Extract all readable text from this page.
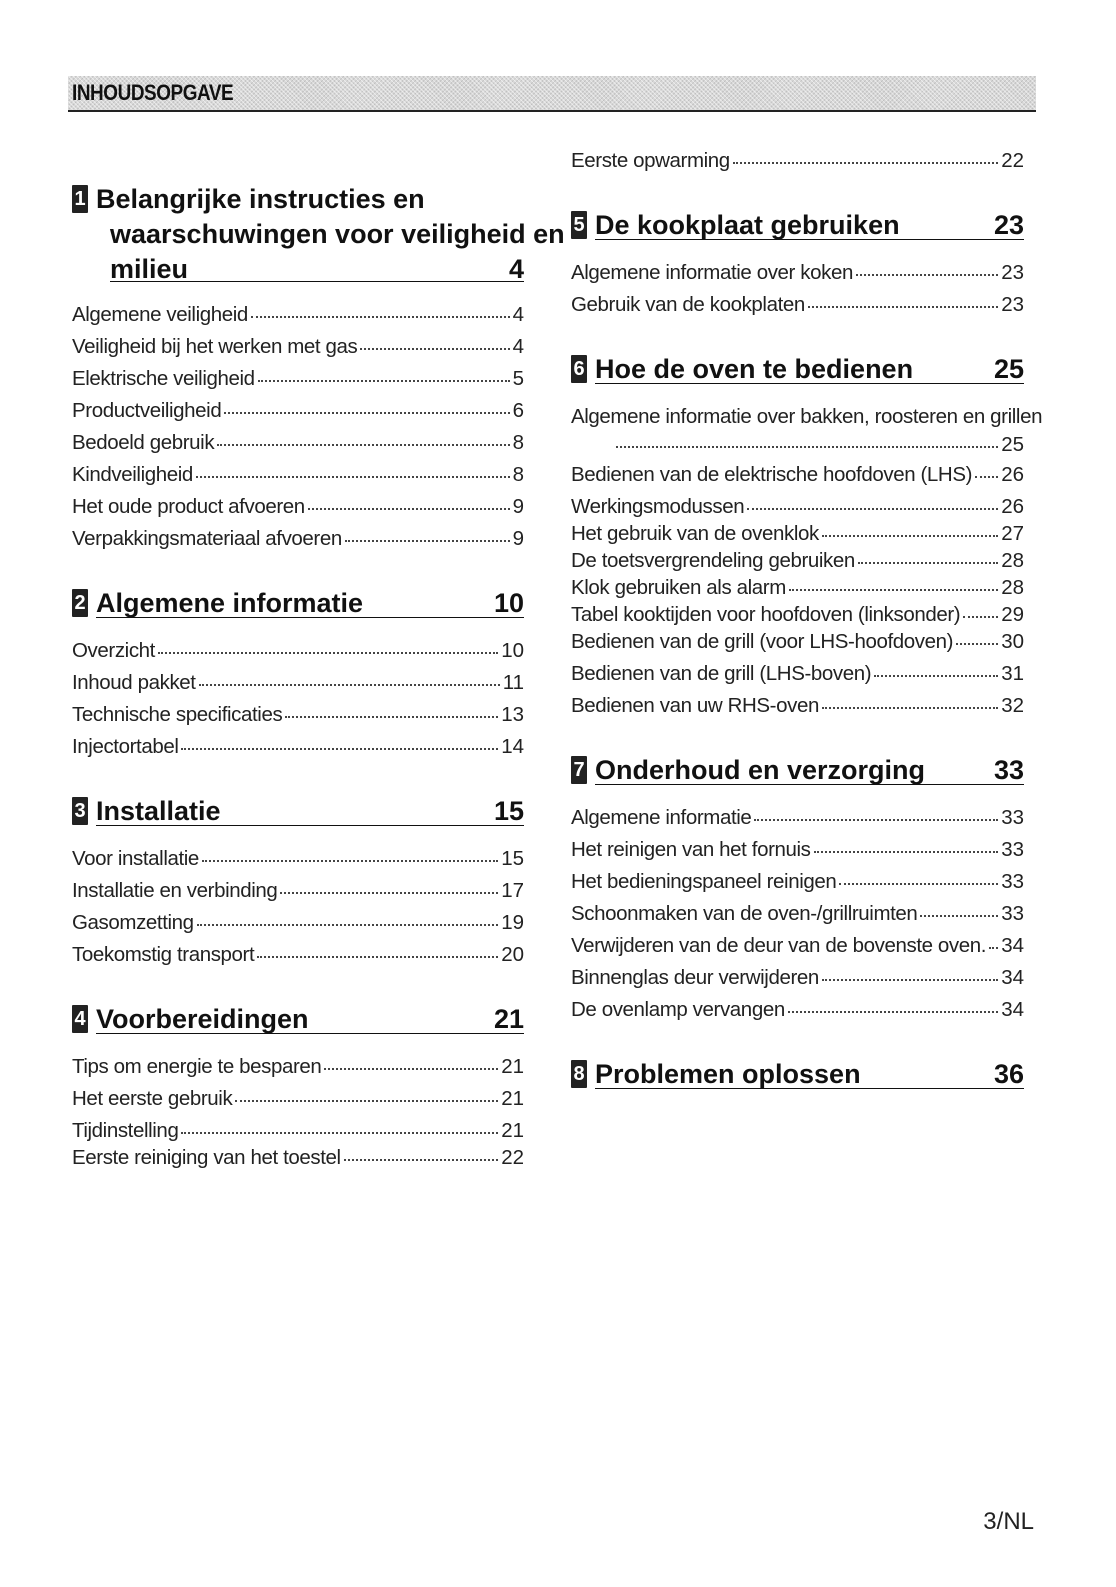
INHOUDSOPGAVE
1 Belangrijke instructies en
waarschuwingen voor veiligheid en
milieu	4
Algemene veiligheid	4
Veiligheid bij het werken met gas	4
Elektrische veiligheid	5
Productveiligheid	6
Bedoeld gebruik	8
Kindveiligheid	8
Het oude product afvoeren	9
Verpakkingsmateriaal afvoeren	9
2 Algemene informatie	10
Overzicht	10
Inhoud pakket	11
Technische specificaties	13
Injectortabel	14
3 Installatie	15
Voor installatie	15
Installatie en verbinding	17
Gasomzetting	19
Toekomstig transport	20
4 Voorbereidingen	21
Tips om energie te besparen	21
Het eerste gebruik	21
Tijdinstelling	21
Eerste reiniging van het toestel	22
Eerste opwarming	22
5 De kookplaat gebruiken	23
Algemene informatie over koken	23
Gebruik van de kookplaten	23
6 Hoe de oven te bedienen	25
Algemene informatie over bakken, roosteren en grillen
25
Bedienen van de elektrische hoofdoven (LHS) 26
Werkingsmodussen	26
Het gebruik van de ovenklok	27
De toetsvergrendeling gebruiken	28
Klok gebruiken als alarm	28
Tabel kooktijden voor hoofdoven (linksonder) 29
Bedienen van de grill (voor LHS-hoofdoven) 30
Bedienen van de grill (LHS-boven)	31
Bedienen van uw RHS-oven	32
7 Onderhoud en verzorging	33
Algemene informatie	33
Het reinigen van het fornuis	33
Het bedieningspaneel reinigen	33
Schoonmaken van de oven-/grillruimten	33
Verwijderen van de deur van de bovenste oven. 34
Binnenglas deur verwijderen	34
De ovenlamp vervangen	34
8 Problemen oplossen	36
3/NL
